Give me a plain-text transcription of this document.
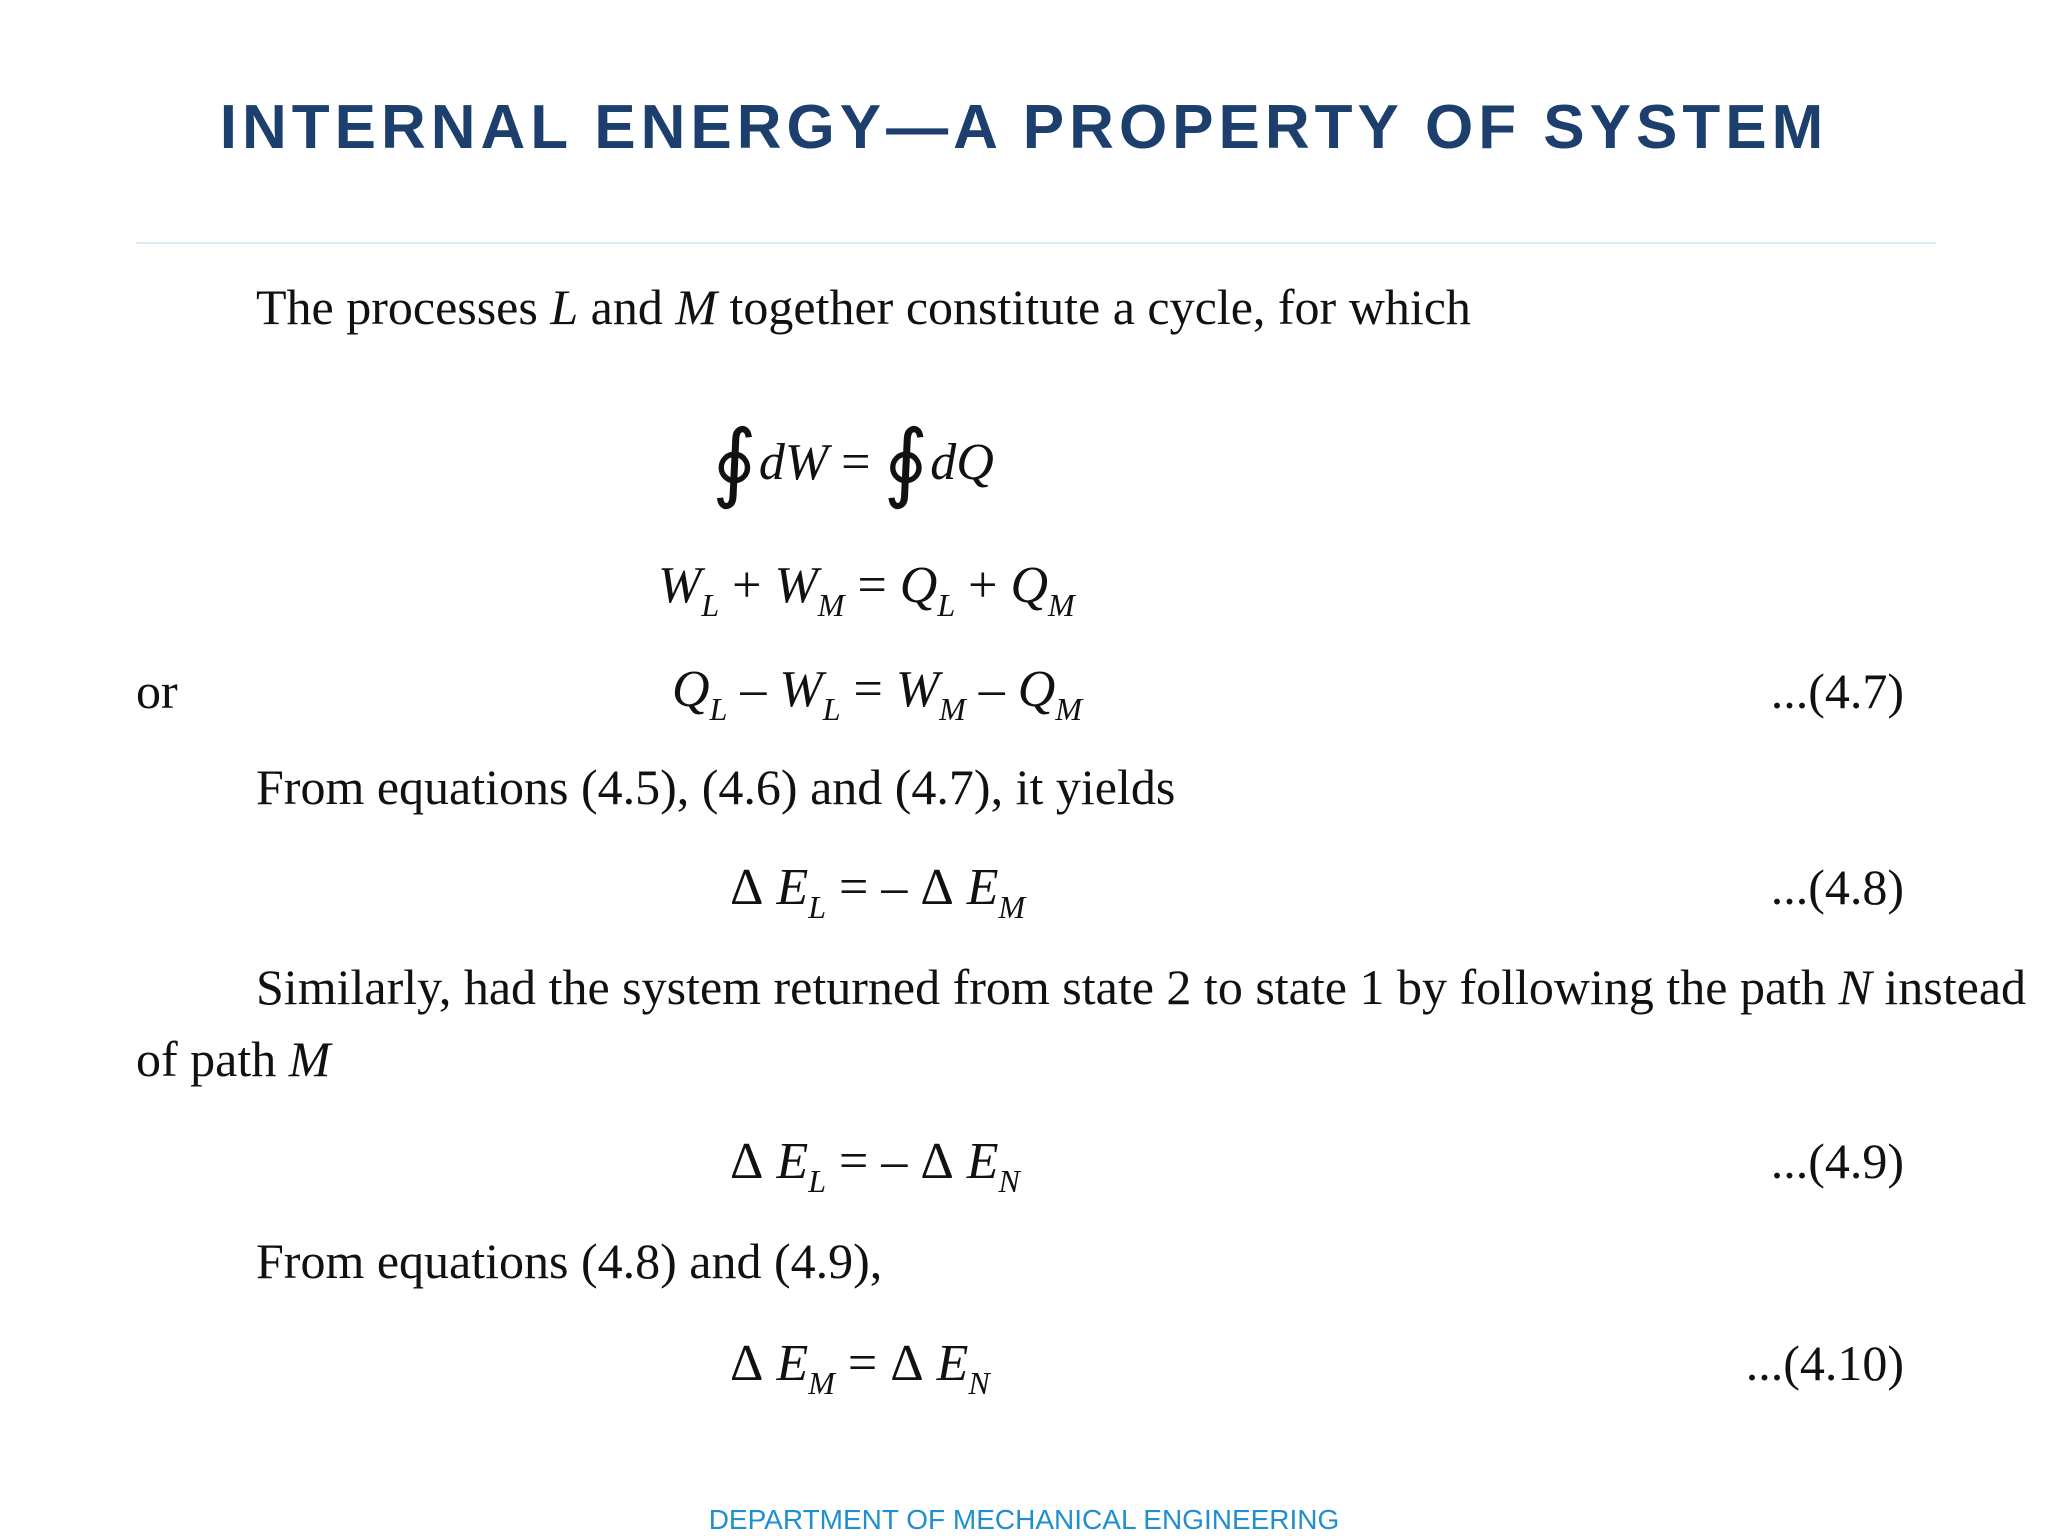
INTERNAL ENERGY—A PROPERTY OF SYSTEM
The processes L and M together constitute a cycle, for which
∮dW = ∮dQ
$W_L + W_M = Q_L + Q_M$
or	$Q_L - W_L = W_M - Q_M$	...(4.7)
From equations (4.5), (4.6) and (4.7), it yields
Δ $E_L$ = – Δ $E_M$	...(4.8)
Similarly, had the system returned from state 2 to state 1 by following the path N instead
of path M
Δ $E_L$ = – Δ $E_N$	...(4.9)
From equations (4.8) and (4.9),
Δ $E_M = \Delta$ $E_N$	...(4.10)
DEPARTMENT OF MECHANICAL ENGINEERING
